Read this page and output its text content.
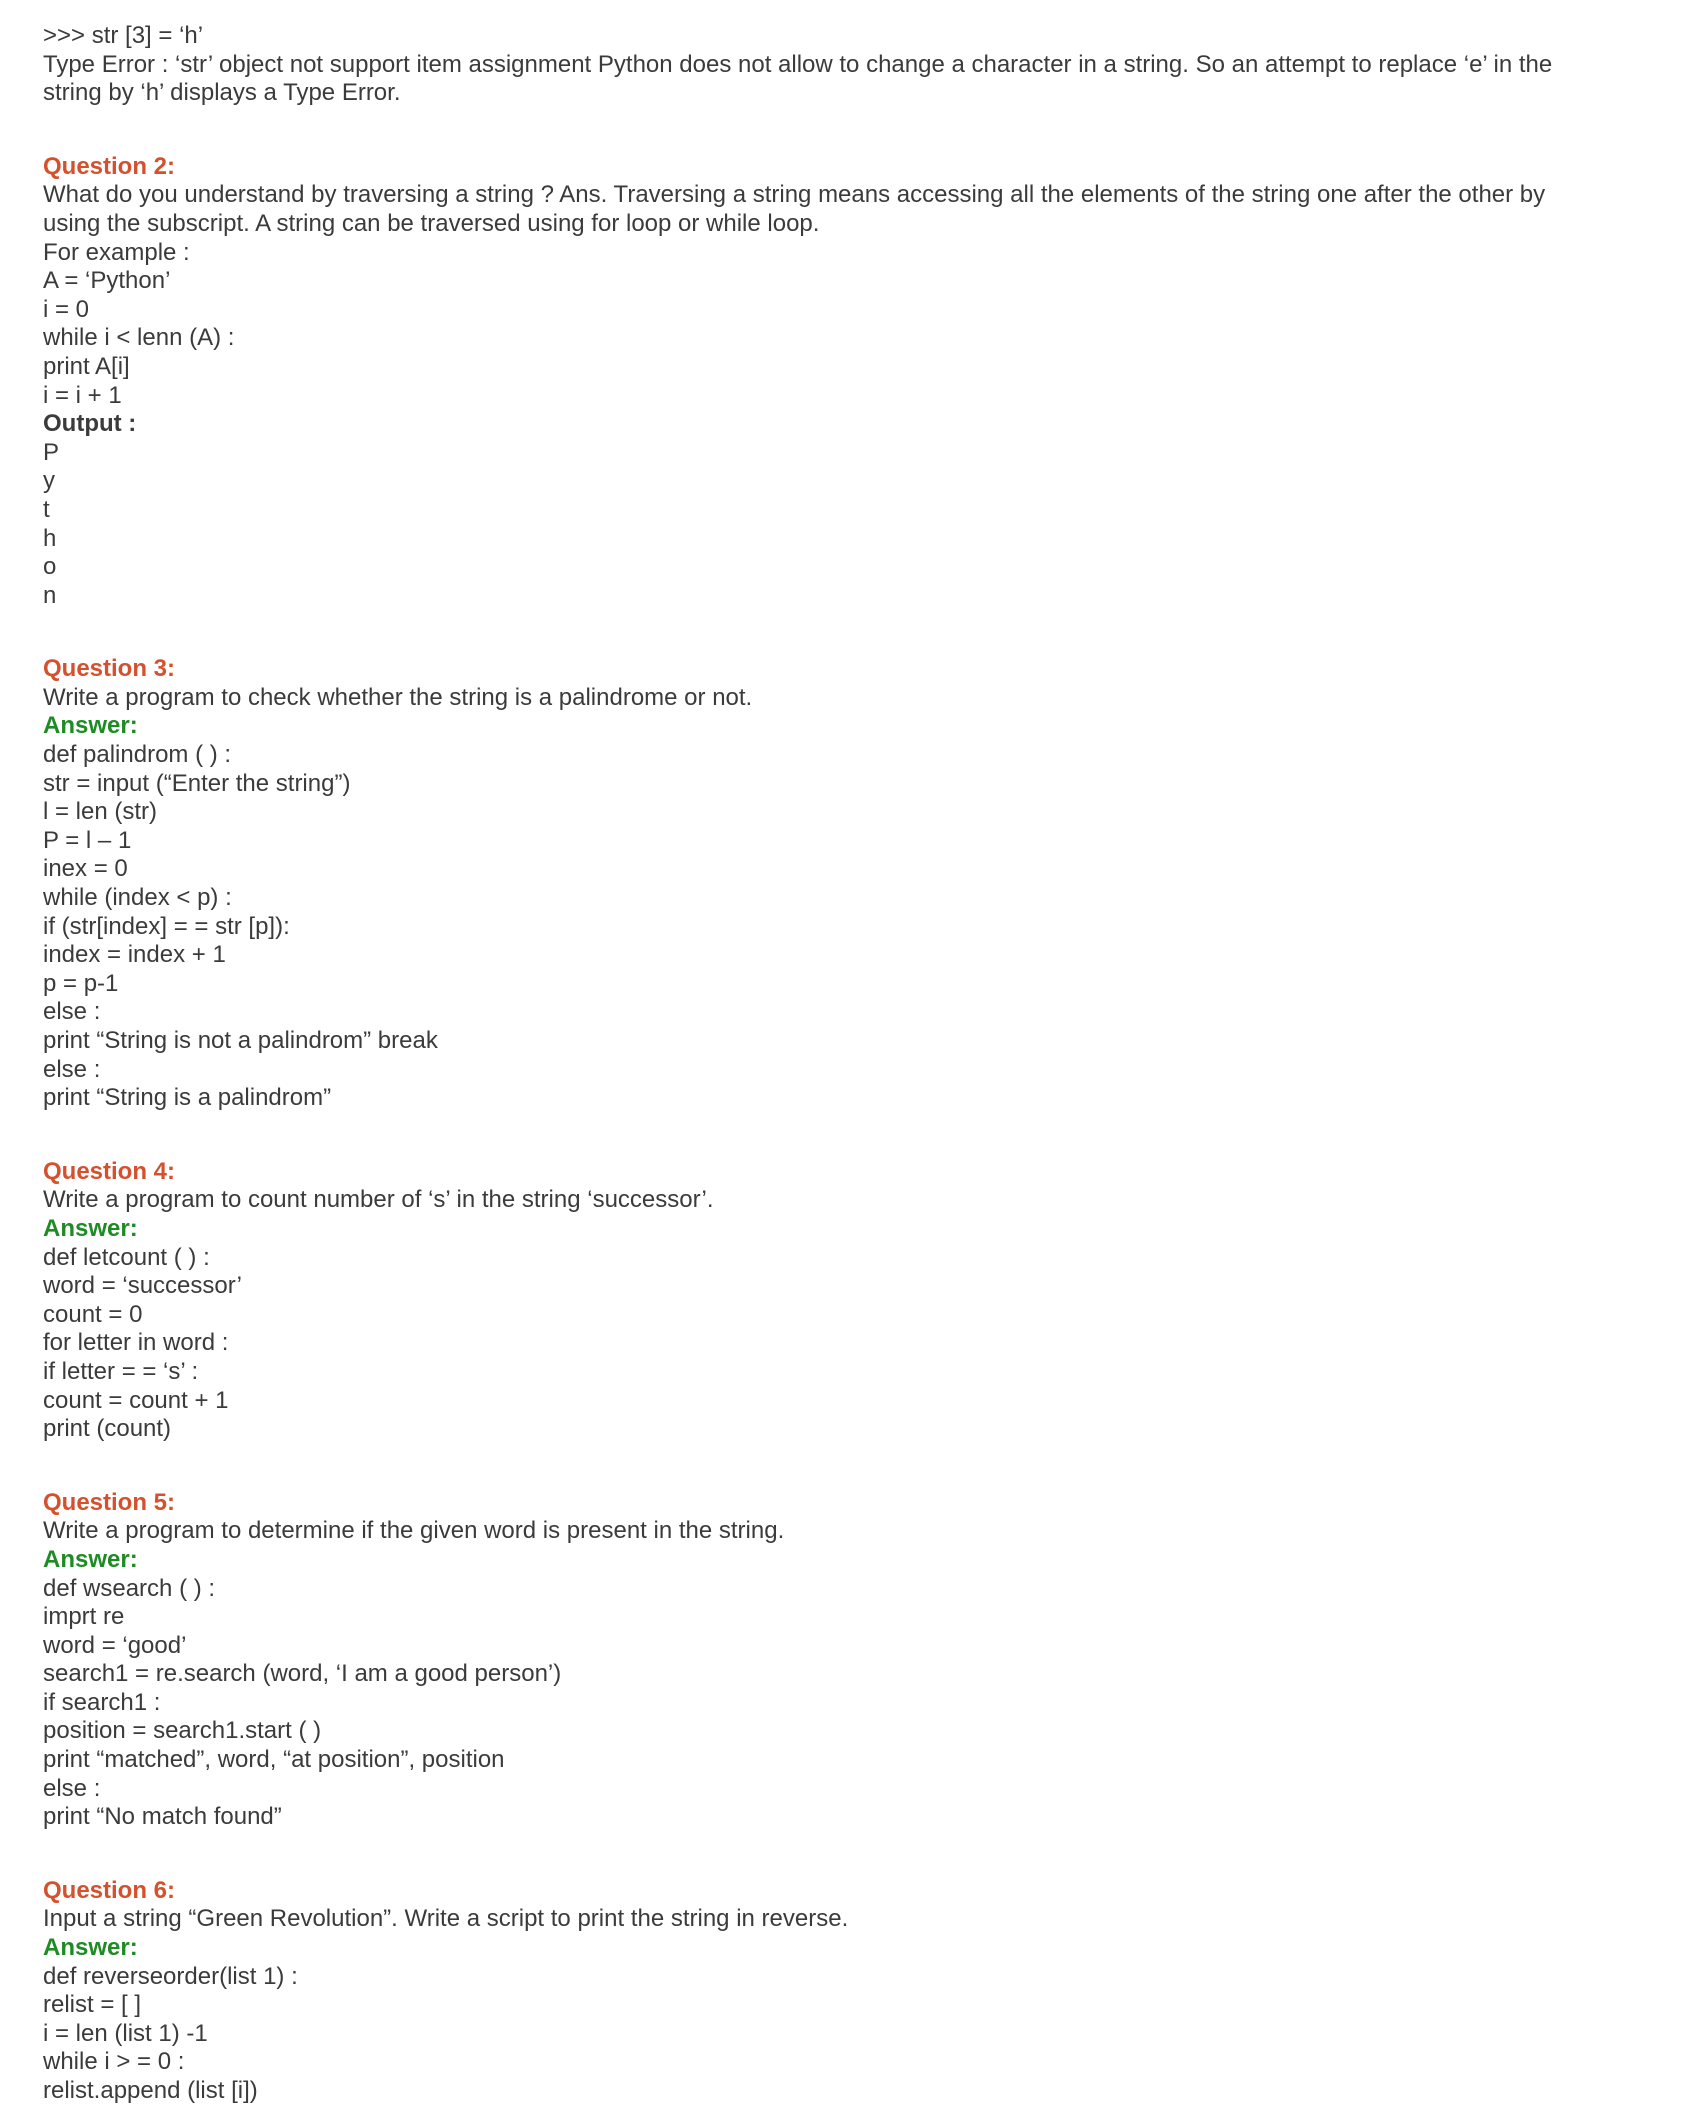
>>> str [3] = ‘h’
Type Error : ‘str’ object not support item assignment Python does not allow to change a character in a string. So an attempt to replace ‘e’ in the
string by ‘h’ displays a Type Error.
Question 2:
What do you understand by traversing a string ? Ans. Traversing a string means accessing all the elements of the string one after the other by
using the subscript. A string can be traversed using for loop or while loop.
For example :
A = ‘Python’
i = 0
while i < lenn (A) :
print A[i]
i = i + 1
Output :
P
y
t
h
o
n
Question 3:
Write a program to check whether the string is a palindrome or not.
Answer:
def palindrom ( ) :
str = input (“Enter the string”)
l = len (str)
P = l – 1
inex = 0
while (index < p) :
if (str[index] = = str [p]):
index = index + 1
p = p-1
else :
print “String is not a palindrom” break
else :
print “String is a palindrom”
Question 4:
Write a program to count number of ‘s’ in the string ‘successor’.
Answer:
def letcount ( ) :
word = ‘successor’
count = 0
for letter in word :
if letter = = ‘s’ :
count = count + 1
print (count)
Question 5:
Write a program to determine if the given word is present in the string.
Answer:
def wsearch ( ) :
imprt re
word = ‘good’
search1 = re.search (word, ‘I am a good person’)
if search1 :
position = search1.start ( )
print “matched”, word, “at position”, position
else :
print “No match found”
Question 6:
Input a string “Green Revolution”. Write a script to print the string in reverse.
Answer:
def reverseorder(list 1) :
relist = [ ]
i = len (list 1) -1
while i > = 0 :
relist.append (list [i])
